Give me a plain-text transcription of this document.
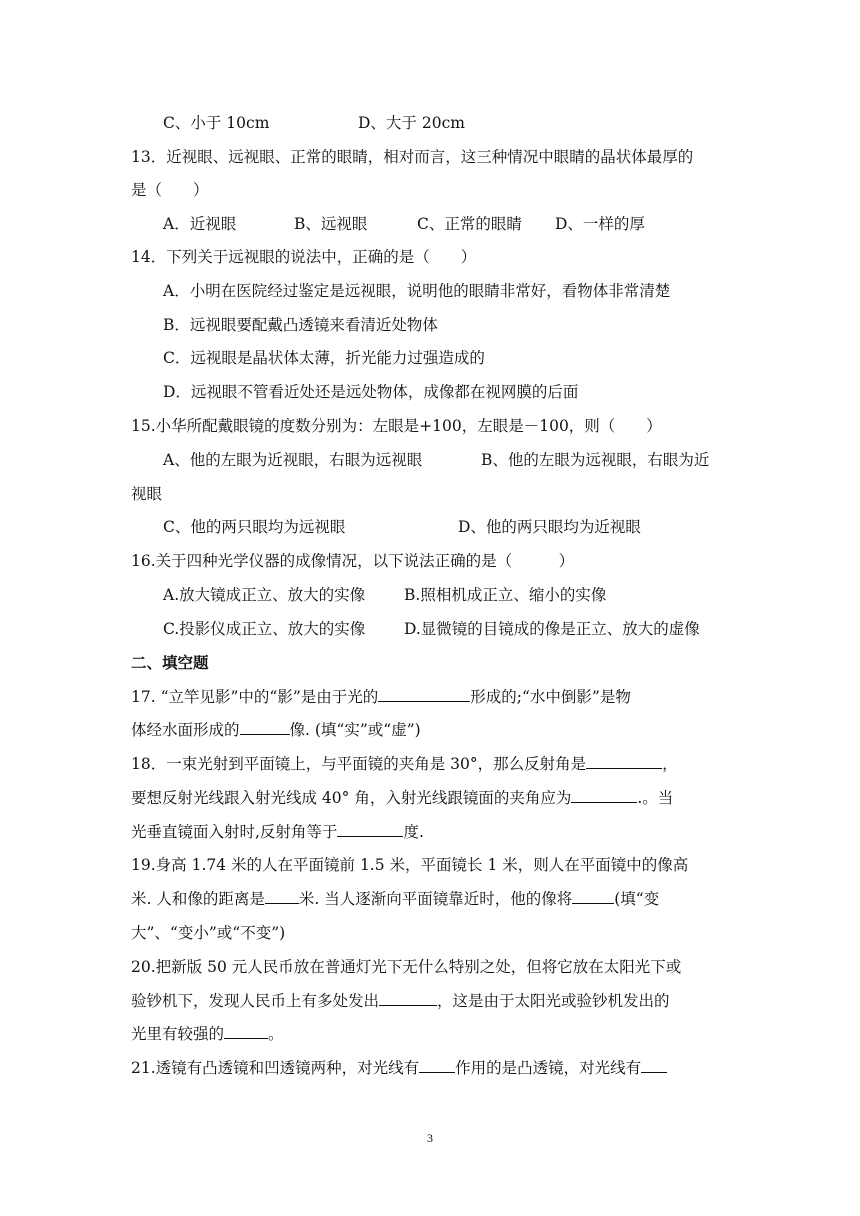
C、小于 10cm	D、大于 20cm
13．近视眼、远视眼、正常的眼睛，相对而言，这三种情况中眼睛的晶状体最厚的
是（　　）
A．近视眼	B、远视眼	C、正常的眼睛 D、一样的厚
14．下列关于远视眼的说法中，正确的是（　　）
A．小明在医院经过鉴定是远视眼，说明他的眼睛非常好，看物体非常清楚
B．远视眼要配戴凸透镜来看清近处物体
C．远视眼是晶状体太薄，折光能力过强造成的
D．远视眼不管看近处还是远处物体，成像都在视网膜的后面
15.小华所配戴眼镜的度数分别为：左眼是+100，左眼是－100，则（　　）
A、他的左眼为近视眼，右眼为远视眼	B、他的左眼为远视眼，右眼为近
视眼
C、他的两只眼均为远视眼	D、他的两只眼均为近视眼
16.关于四种光学仪器的成像情况，以下说法正确的是（　　　）
A.放大镜成正立、放大的实像	B.照相机成正立、缩小的实像
C.投影仪成正立、放大的实像	D.显微镜的目镜成的像是正立、放大的虚像
二、填空题
17. “立竿见影”中的“影”是由于光的	形成的;“水中倒影”是物
体经水面形成的	像. (填“实”或“虚”)
18．一束光射到平面镜上，与平面镜的夹角是 30°，那么反射角是	，
要想反射光线跟入射光线成 40° 角，入射光线跟镜面的夹角应为	.。当
光垂直镜面入射时,反射角等于	度.
19.身高 1.74 米的人在平面镜前 1.5 米，平面镜长 1 米，则人在平面镜中的像高
米. 人和像的距离是 米. 当人逐渐向平面镜靠近时，他的像将	(填“变
大”、“变小”或“不变”)
20.把新版 50 元人民币放在普通灯光下无什么特别之处，但将它放在太阳光下或
验钞机下，发现人民币上有多处发出	，这是由于太阳光或验钞机发出的
光里有较强的	。
21.透镜有凸透镜和凹透镜两种，对光线有 作用的是凸透镜，对光线有
3
